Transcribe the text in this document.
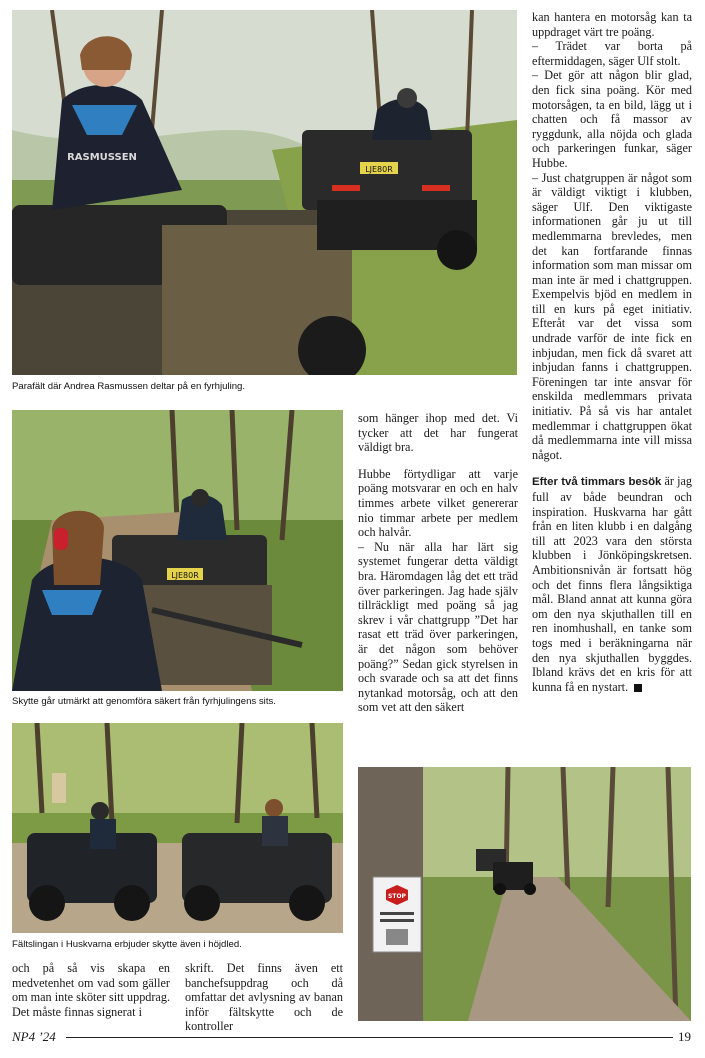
LJE80R
RASMUSSEN
Parafält där Andrea Rasmussen deltar på en fyrhjuling.
LJE80R
Skytte går utmärkt att genomföra säkert från fyrhjulingens sits.
Fältslingan i Huskvarna erbjuder skytte även i höjdled.
STOP

kan hantera en motorsåg kan ta uppdraget värt tre poäng.

– Trädet var borta på eftermiddagen, säger Ulf stolt.

– Det gör att någon blir glad, den fick sina poäng. Kör med motorsågen, ta en bild, lägg ut i chatten och få massor av ryggdunk, alla nöjda och glada och parkeringen funkar, säger Hubbe.

– Just chatgruppen är något som är väldigt viktigt i klubben, säger Ulf. Den viktigaste informationen går ju ut till medlemmarna brevledes, men det kan fortfarande finnas information som man missar om man inte är med i chattgruppen. Exempelvis bjöd en medlem in till en kurs på eget initiativ. Efteråt var det vissa som undrade varför de inte fick en inbjudan, men fick då svaret att inbjudan fanns i chattgruppen. Föreningen tar inte ansvar för enskilda medlemmars privata initiativ. På så vis har antalet medlemmar i chattgruppen ökat då medlemmarna inte vill missa något.

Efter två timmars besök är jag full av både beundran och inspiration. Huskvarna har gått från en liten klubb i en dalgång till att 2023 vara den största klubben i Jönköpingskretsen. Ambitionsnivån är fortsatt hög och det finns flera långsiktiga mål. Bland annat att kunna göra om den nya skjuthallen till en ren inomhushall, en tanke som togs med i beräkningarna när den nya skjuthallen byggdes. Ibland krävs det en kris för att kunna få en nystart.

som hänger ihop med det. Vi tycker att det har fungerat väldigt bra.

Hubbe förtydligar att varje poäng motsvarar en och en halv timmes arbete vilket genererar nio timmar arbete per medlem och halvår.

– Nu när alla har lärt sig systemet fungerar detta väldigt bra. Häromdagen låg det ett träd över parkeringen. Jag hade själv tillräckligt med poäng så jag skrev i vår chattgrupp ”Det har rasat ett träd över parkeringen, är det någon som behöver poäng?” Sedan gick styrelsen in och svarade och sa att det finns nytankad motorsåg, och att den som vet att den säkert

och på så vis skapa en medvetenhet om vad som gäller om man inte sköter sitt uppdrag. Det måste finnas signerat i

skrift. Det finns även ett banchefsuppdrag och då omfattar det avlysning av banan inför fältskytte och de kontroller

NP4 ’24	19
